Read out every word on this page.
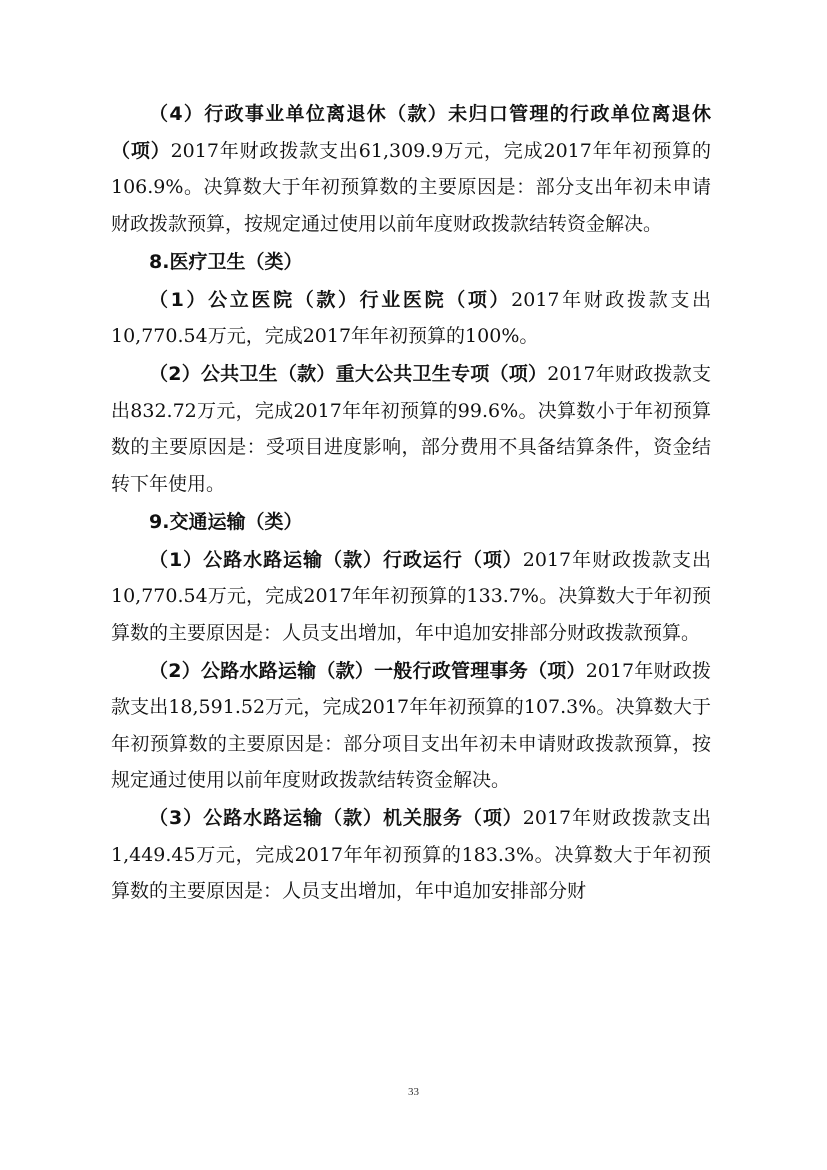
（4）行政事业单位离退休（款）未归口管理的行政单位离退休（项）2017年财政拨款支出61,309.9万元，完成2017年年初预算的106.9%。决算数大于年初预算数的主要原因是：部分支出年初未申请财政拨款预算，按规定通过使用以前年度财政拨款结转资金解决。

8.医疗卫生（类）

（1）公立医院（款）行业医院（项）2017年财政拨款支出10,770.54万元，完成2017年年初预算的100%。

（2）公共卫生（款）重大公共卫生专项（项）2017年财政拨款支出832.72万元，完成2017年年初预算的99.6%。决算数小于年初预算数的主要原因是：受项目进度影响，部分费用不具备结算条件，资金结转下年使用。

9.交通运输（类）

（1）公路水路运输（款）行政运行（项）2017年财政拨款支出10,770.54万元，完成2017年年初预算的133.7%。决算数大于年初预算数的主要原因是：人员支出增加，年中追加安排部分财政拨款预算。

（2）公路水路运输（款）一般行政管理事务（项）2017年财政拨款支出18,591.52万元，完成2017年年初预算的107.3%。决算数大于年初预算数的主要原因是：部分项目支出年初未申请财政拨款预算，按规定通过使用以前年度财政拨款结转资金解决。

（3）公路水路运输（款）机关服务（项）2017年财政拨款支出1,449.45万元，完成2017年年初预算的183.3%。决算数大于年初预算数的主要原因是：人员支出增加，年中追加安排部分财

33
